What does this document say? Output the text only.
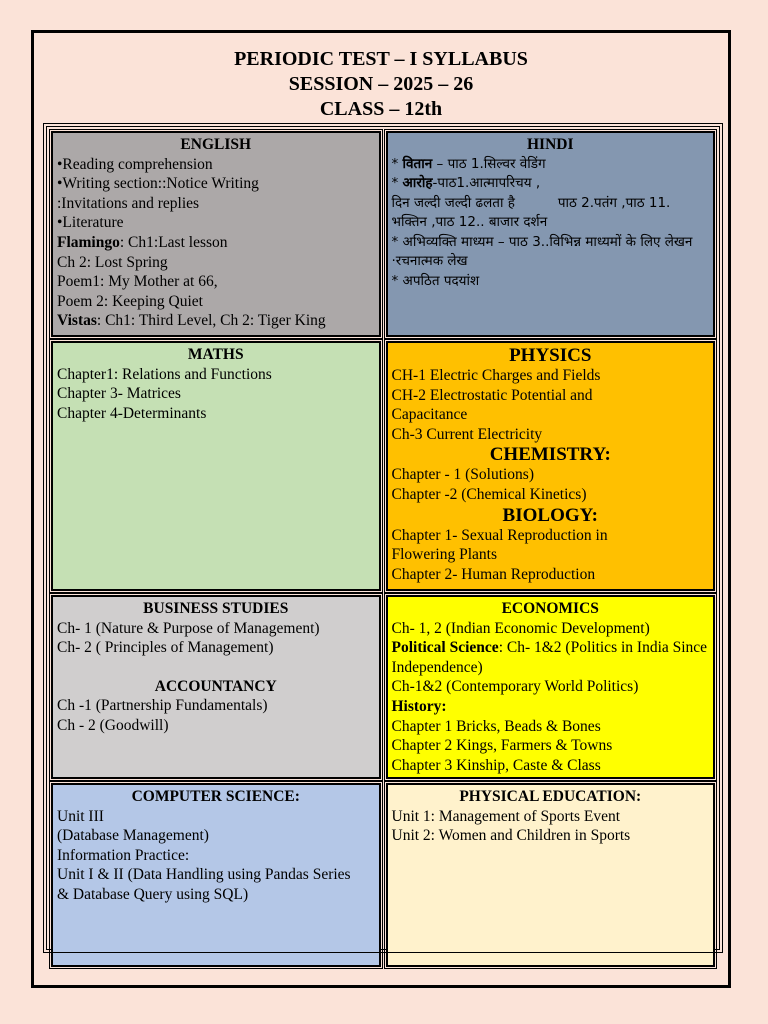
PERIODIC TEST – I SYLLABUS
SESSION – 2025 – 26
CLASS – 12th
ENGLISH
•Reading comprehension
•Writing section::Notice Writing
:Invitations and replies
•Literature
Flamingo: Ch1:Last lesson
Ch 2: Lost Spring
Poem1: My Mother at 66,
Poem 2: Keeping Quiet
Vistas: Ch1: Third Level, Ch 2: Tiger King
HINDI
* वितान – पाठ 1.सिल्वर वेडिंग
* आरोह-पाठ1.आत्मापरिचय ,
दिन जल्दी जल्दी ढलता है          पाठ 2.पतंग ,पाठ 11.
भक्तिन ,पाठ 12.. बाजार दर्शन
* अभिव्यक्ति माध्यम – पाठ 3..विभिन्न माध्यमों के लिए लेखन
·रचनात्मक लेख
* अपठित पदयांश
MATHS
Chapter1: Relations and Functions
Chapter 3- Matrices
Chapter 4-Determinants
PHYSICS
CH-1 Electric Charges and Fields
CH-2 Electrostatic Potential and Capacitance
Ch-3 Current Electricity
CHEMISTRY:
Chapter - 1 (Solutions)
Chapter -2 (Chemical Kinetics)
BIOLOGY:
Chapter 1- Sexual Reproduction in Flowering Plants
Chapter 2- Human Reproduction
BUSINESS STUDIES
Ch- 1 (Nature & Purpose of Management)
Ch- 2 ( Principles of Management)
ACCOUNTANCY
Ch -1 (Partnership Fundamentals)
Ch - 2 (Goodwill)
ECONOMICS
Ch- 1, 2 (Indian Economic Development)
Political Science: Ch- 1&2 (Politics in India Since Independence)
Ch-1&2 (Contemporary World Politics)
History:
Chapter 1 Bricks, Beads & Bones
Chapter 2 Kings, Farmers & Towns
Chapter 3 Kinship, Caste & Class
COMPUTER SCIENCE:
Unit III
(Database Management)
Information Practice:
Unit I & II (Data Handling using Pandas Series & Database Query using SQL)
PHYSICAL EDUCATION:
Unit 1: Management of Sports Event
Unit 2: Women and Children in Sports
